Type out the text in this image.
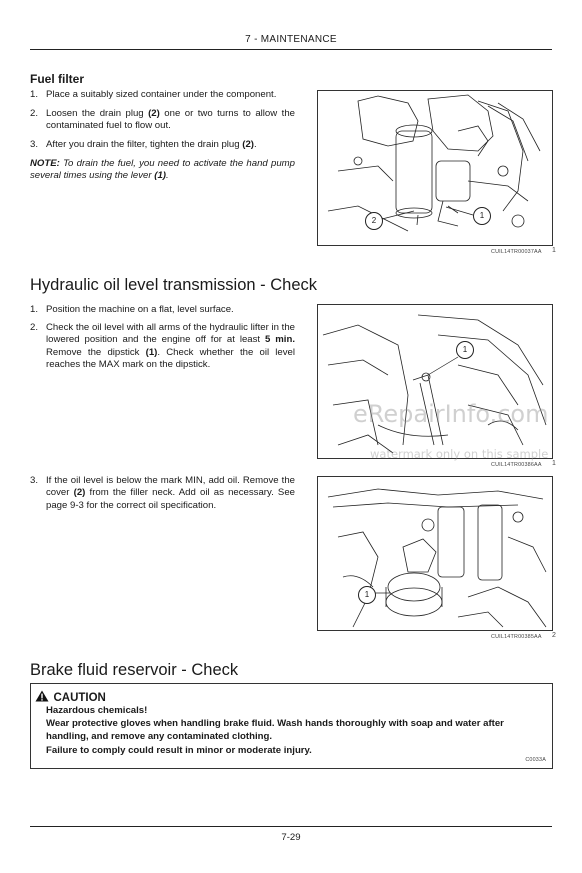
7 - MAINTENANCE
Fuel filter
1. Place a suitably sized container under the component.
2. Loosen the drain plug (2) one or two turns to allow the contaminated fuel to flow out.
3. After you drain the filter, tighten the drain plug (2).
NOTE: To drain the fuel, you need to activate the hand pump several times using the lever (1).
2
1
CUIL14TR00037AA 1
Hydraulic oil level transmission - Check
1. Position the machine on a flat, level surface.
2. Check the oil level with all arms of the hydraulic lifter in the lowered position and the engine off for at least 5 min. Remove the dipstick (1). Check whether the oil level reaches the MAX mark on the dipstick.
1
CUIL14TR00386AA 1
3. If the oil level is below the mark MIN, add oil. Remove the cover (2) from the filler neck. Add oil as necessary. See page 9-3 for the correct oil specification.
1
CUIL14TR00385AA 2
eRepairInfo.com
watermark only on this sample
Brake fluid reservoir - Check
CAUTION
Hazardous chemicals!
Wear protective gloves when handling brake fluid. Wash hands thoroughly with soap and water after handling, and remove any contaminated clothing.
Failure to comply could result in minor or moderate injury.
C0033A
7-29
